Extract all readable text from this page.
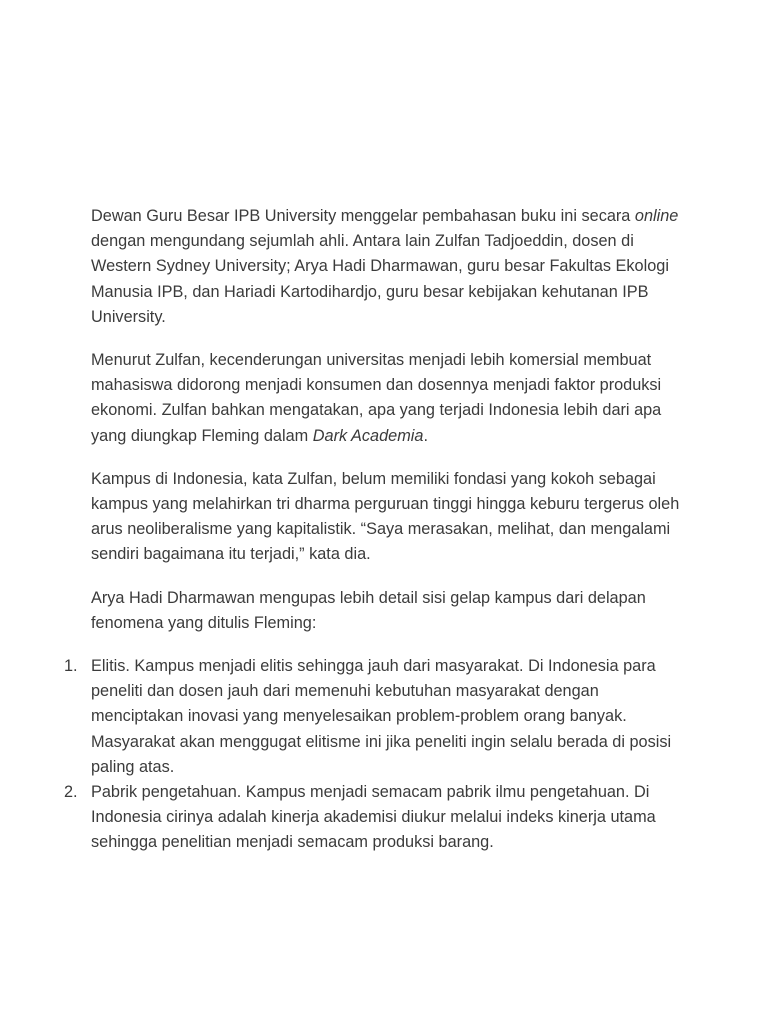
Dewan Guru Besar IPB University menggelar pembahasan buku ini secara online dengan mengundang sejumlah ahli. Antara lain Zulfan Tadjoeddin, dosen di Western Sydney University; Arya Hadi Dharmawan, guru besar Fakultas Ekologi Manusia IPB, dan Hariadi Kartodihardjo, guru besar kebijakan kehutanan IPB University.

Menurut Zulfan, kecenderungan universitas menjadi lebih komersial membuat mahasiswa didorong menjadi konsumen dan dosennya menjadi faktor produksi ekonomi. Zulfan bahkan mengatakan, apa yang terjadi Indonesia lebih dari apa yang diungkap Fleming dalam Dark Academia.

Kampus di Indonesia, kata Zulfan, belum memiliki fondasi yang kokoh sebagai kampus yang melahirkan tri dharma perguruan tinggi hingga keburu tergerus oleh arus neoliberalisme yang kapitalistik. “Saya merasakan, melihat, dan mengalami sendiri bagaimana itu terjadi,” kata dia.

Arya Hadi Dharmawan mengupas lebih detail sisi gelap kampus dari delapan fenomena yang ditulis Fleming:

1. Elitis. Kampus menjadi elitis sehingga jauh dari masyarakat. Di Indonesia para peneliti dan dosen jauh dari memenuhi kebutuhan masyarakat dengan menciptakan inovasi yang menyelesaikan problem-problem orang banyak. Masyarakat akan menggugat elitisme ini jika peneliti ingin selalu berada di posisi paling atas.
2. Pabrik pengetahuan. Kampus menjadi semacam pabrik ilmu pengetahuan. Di Indonesia cirinya adalah kinerja akademisi diukur melalui indeks kinerja utama sehingga penelitian menjadi semacam produksi barang.
